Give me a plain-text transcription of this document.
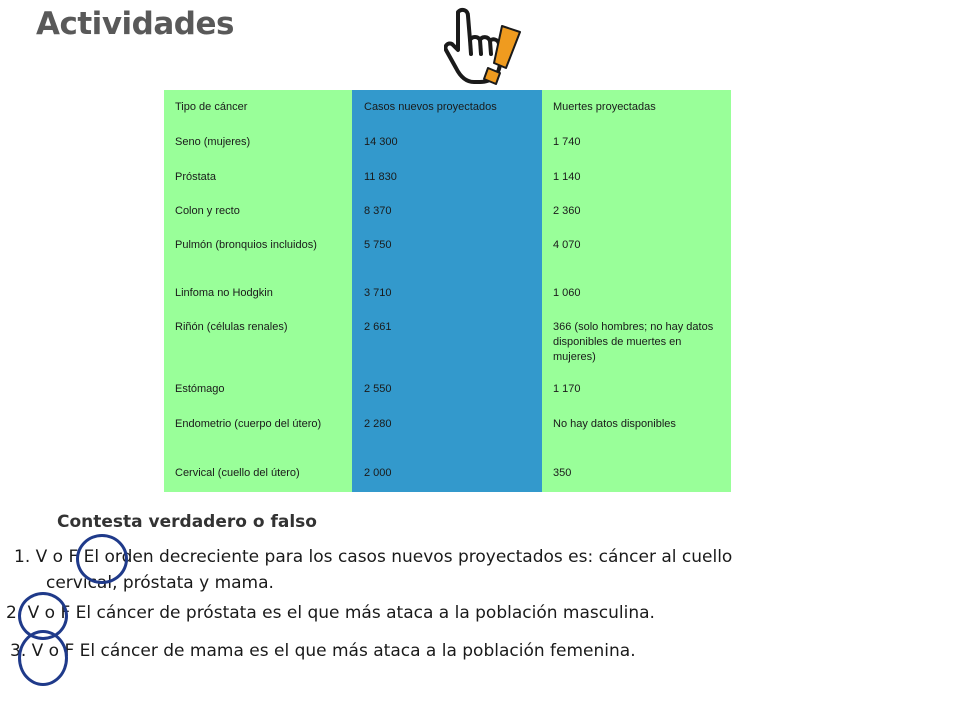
Actividades
Tipo de cáncer	Casos nuevos proyectados	Muertes proyectadas
Seno (mujeres)	14 300	1 740
Próstata	11 830	1 140
Colon y recto	8 370	2 360
Pulmón (bronquios incluidos)	5 750	4 070
Linfoma no Hodgkin	3 710	1 060
Riñón (células renales)	2 661	366 (solo hombres; no hay datos disponibles de muertes en mujeres)
Estómago	2 550	1 170
Endometrio (cuerpo del útero)	2 280	No hay datos disponibles
Cervical (cuello del útero)	2 000	350
Contesta verdadero o falso
1. V o F El orden decreciente para los casos nuevos proyectados es: cáncer al cuello
cervical, próstata y mama.
2. V o F El cáncer de próstata es el que más ataca a la población masculina.
3. V o F El cáncer de mama es el que más ataca a la población femenina.
